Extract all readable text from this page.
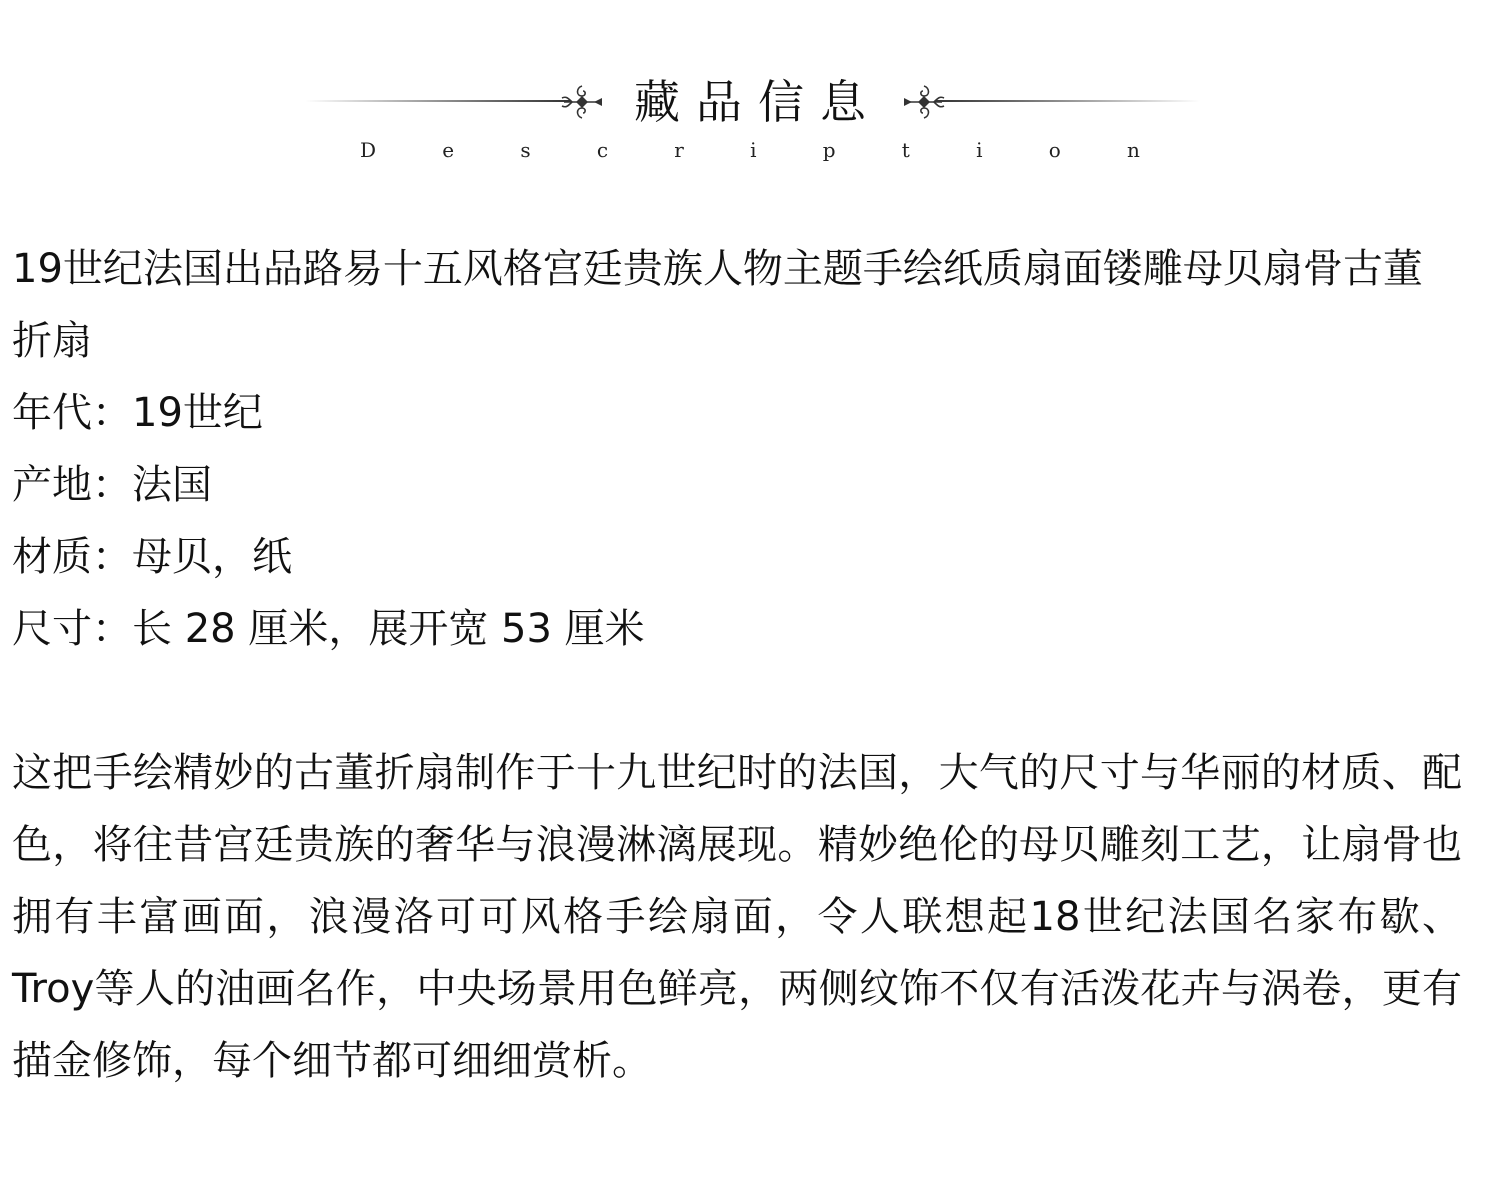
藏品信息
D	e	s	c	r	i	p	t	i	o	n

19世纪法国出品路易十五风格宫廷贵族人物主题手绘纸质扇面镂雕母贝扇骨古董折扇

年代：19世纪

产地：法国

材质：母贝，纸

尺寸：长 28 厘米，展开宽 53 厘米

这把手绘精妙的古董折扇制作于十九世纪时的法国，大气的尺寸与华丽的材质、配色，将往昔宫廷贵族的奢华与浪漫淋漓展现。精妙绝伦的母贝雕刻工艺，让扇骨也拥有丰富画面，浪漫洛可可风格手绘扇面，令人联想起18世纪法国名家布歇、Troy等人的油画名作，中央场景用色鲜亮，两侧纹饰不仅有活泼花卉与涡卷，更有描金修饰，每个细节都可细细赏析。
